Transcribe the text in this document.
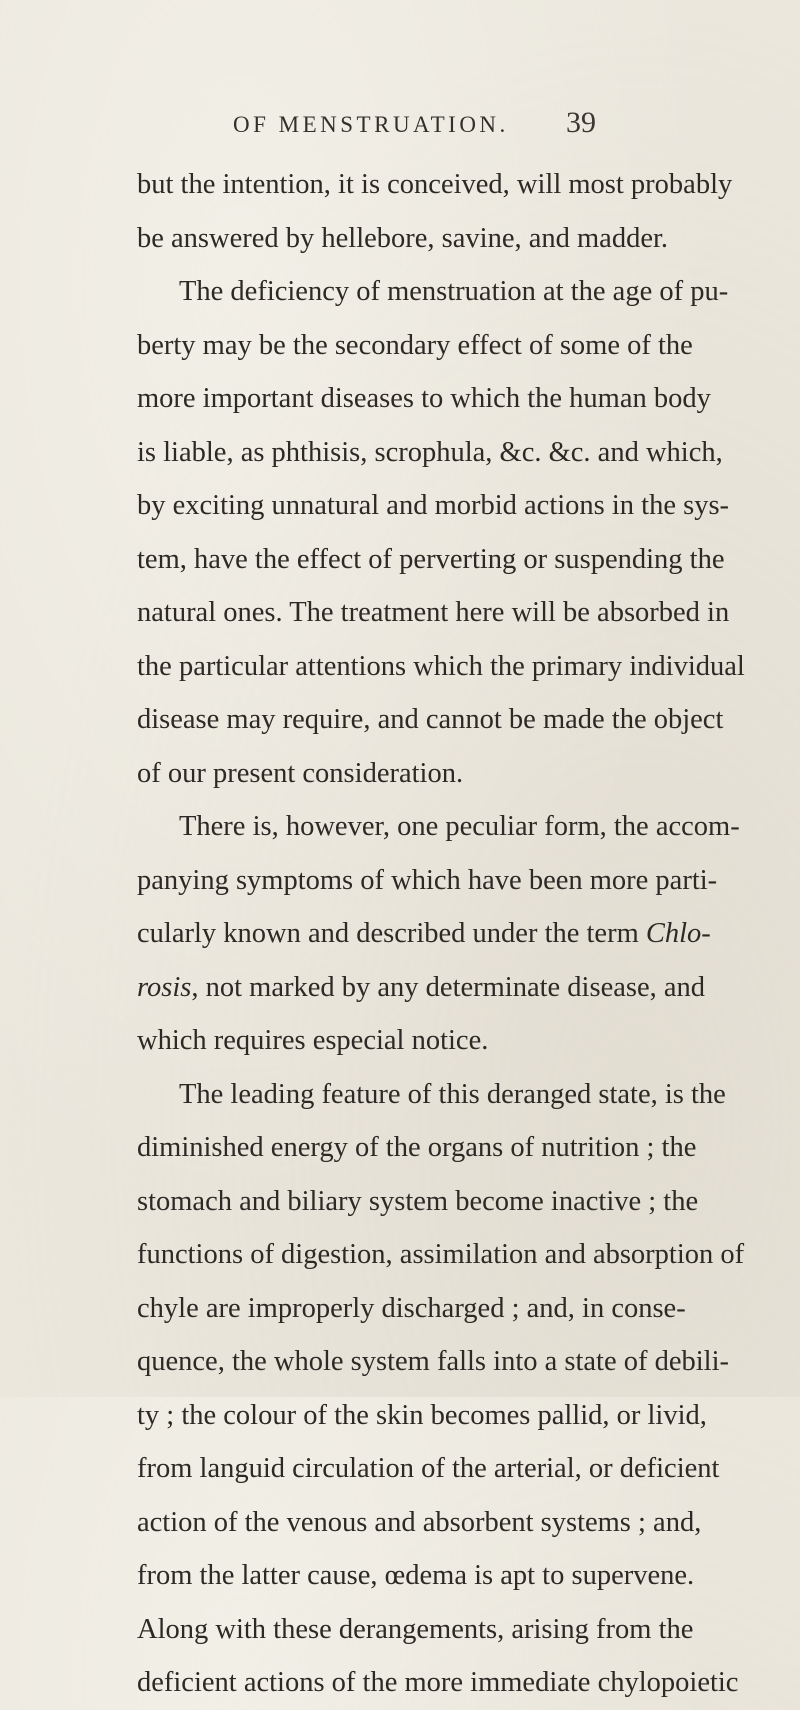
OF MENSTRUATION. 39
but the intention, it is conceived, will most probably
be answered by hellebore, savine, and madder.
The deficiency of menstruation at the age of pu-
berty may be the secondary effect of some of the
more important diseases to which the human body
is liable, as phthisis, scrophula, &c. &c. and which,
by exciting unnatural and morbid actions in the sys-
tem, have the effect of perverting or suspending the
natural ones. The treatment here will be absorbed in
the particular attentions which the primary individual
disease may require, and cannot be made the object
of our present consideration.
There is, however, one peculiar form, the accom-
panying symptoms of which have been more parti-
cularly known and described under the term Chlo-
rosis, not marked by any determinate disease, and
which requires especial notice.
The leading feature of this deranged state, is the
diminished energy of the organs of nutrition ; the
stomach and biliary system become inactive ; the
functions of digestion, assimilation and absorption of
chyle are improperly discharged ; and, in conse-
quence, the whole system falls into a state of debili-
ty ; the colour of the skin becomes pallid, or livid,
from languid circulation of the arterial, or deficient
action of the venous and absorbent systems ; and,
from the latter cause, œdema is apt to supervene.
Along with these derangements, arising from the
deficient actions of the more immediate chylopoietic
